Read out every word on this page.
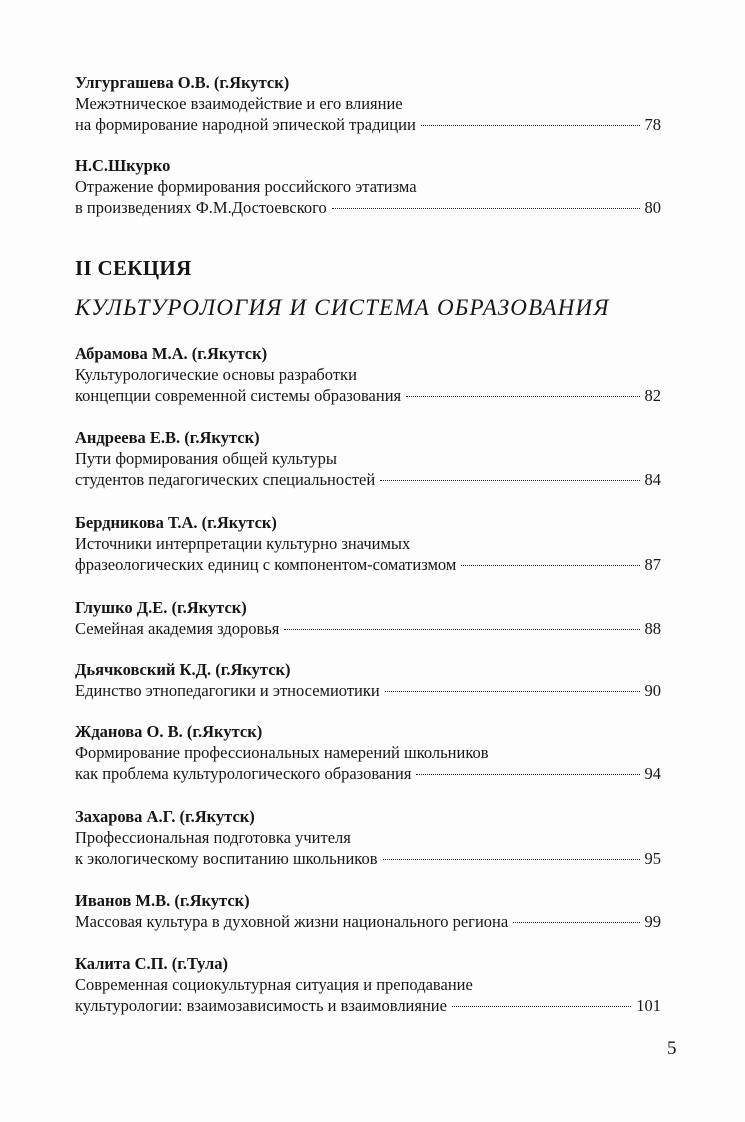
Улгургашева О.В. (г.Якутск)
Межэтническое взаимодействие и его влияние
на формирование народной эпической традиции	78
Н.С.Шкурко
Отражение формирования российского этатизма
в произведениях Ф.М.Достоевского	80
II СЕКЦИЯ
КУЛЬТУРОЛОГИЯ И СИСТЕМА ОБРАЗОВАНИЯ
Абрамова М.А. (г.Якутск)
Культурологические основы разработки
концепции современной системы образования	82
Андреева Е.В. (г.Якутск)
Пути формирования общей культуры
студентов педагогических специальностей	84
Бердникова Т.А. (г.Якутск)
Источники интерпретации культурно значимых
фразеологических единиц с компонентом-соматизмом	87
Глушко Д.Е. (г.Якутск)
Семейная академия здоровья	88
Дьячковский К.Д. (г.Якутск)
Единство этнопедагогики и этносемиотики	90
Жданова О. В. (г.Якутск)
Формирование профессиональных намерений школьников
как проблема культурологического образования	94
Захарова А.Г. (г.Якутск)
Профессиональная подготовка учителя
к экологическому воспитанию школьников	95
Иванов М.В. (г.Якутск)
Массовая культура в духовной жизни национального региона	99
Калита С.П. (г.Тула)
Современная социокультурная ситуация и преподавание
культурологии: взаимозависимость и взаимовлияние	101
5
